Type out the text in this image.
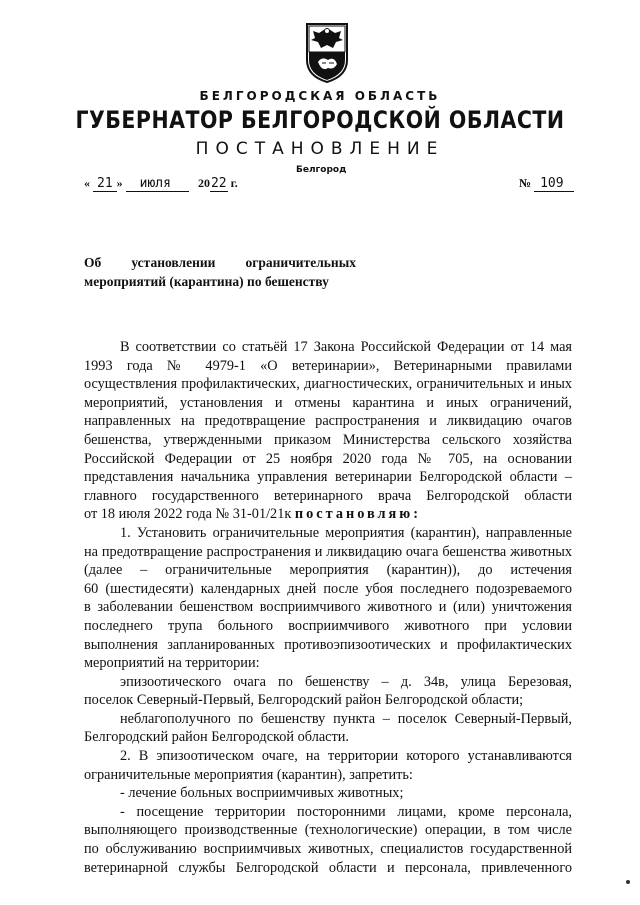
БЕЛГОРОДСКАЯ ОБЛАСТЬ
ГУБЕРНАТОР БЕЛГОРОДСКОЙ ОБЛАСТИ
ПОСТАНОВЛЕНИЕ
Белгород
« 21 » июля 2022 г.	№ 109
Об установлении ограничительных
мероприятий (карантина) по бешенству
В соответствии со статьёй 17 Закона Российской Федерации от 14 мая
1993 года № 4979-1 «О ветеринарии», Ветеринарными правилами
осуществления профилактических, диагностических, ограничительных и иных
мероприятий, установления и отмены карантина и иных ограничений,
направленных на предотвращение распространения и ликвидацию очагов
бешенства, утвержденными приказом Министерства сельского хозяйства
Российской Федерации от 25 ноября 2020 года № 705, на основании
представления начальника управления ветеринарии Белгородской области –
главного государственного ветеринарного врача Белгородской области
от 18 июля 2022 года № 31-01/21к постановляю:
1. Установить ограничительные мероприятия (карантин), направленные
на предотвращение распространения и ликвидацию очага бешенства животных
(далее – ограничительные мероприятия (карантин)), до истечения
60 (шестидесяти) календарных дней после убоя последнего подозреваемого
в заболевании бешенством восприимчивого животного и (или) уничтожения
последнего трупа больного восприимчивого животного при условии
выполнения запланированных противоэпизоотических и профилактических
мероприятий на территории:
эпизоотического очага по бешенству – д. 34в, улица Березовая,
поселок Северный-Первый, Белгородский район Белгородской области;
неблагополучного по бешенству пункта – поселок Северный-Первый,
Белгородский район Белгородской области.
2. В эпизоотическом очаге, на территории которого устанавливаются
ограничительные мероприятия (карантин), запретить:
- лечение больных восприимчивых животных;
- посещение территории посторонними лицами, кроме персонала,
выполняющего производственные (технологические) операции, в том числе
по обслуживанию восприимчивых животных, специалистов государственной
ветеринарной службы Белгородской области и персонала, привлеченного
